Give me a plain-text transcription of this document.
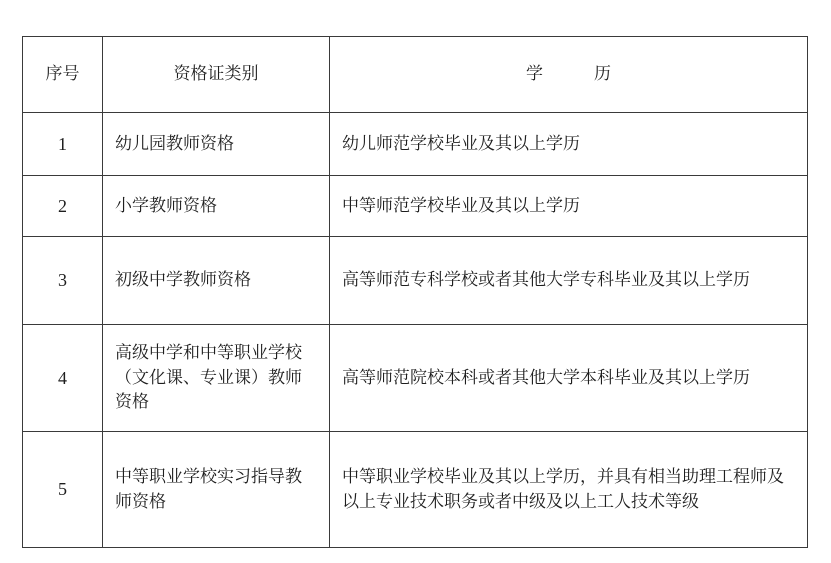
序号	资格证类别	学　　　历
1	幼儿园教师资格	幼儿师范学校毕业及其以上学历
2	小学教师资格	中等师范学校毕业及其以上学历
3	初级中学教师资格	高等师范专科学校或者其他大学专科毕业及其以上学历
4	高级中学和中等职业学校（文化课、专业课）教师资格	高等师范院校本科或者其他大学本科毕业及其以上学历
5	中等职业学校实习指导教师资格	中等职业学校毕业及其以上学历，并具有相当助理工程师及以上专业技术职务或者中级及以上工人技术等级
